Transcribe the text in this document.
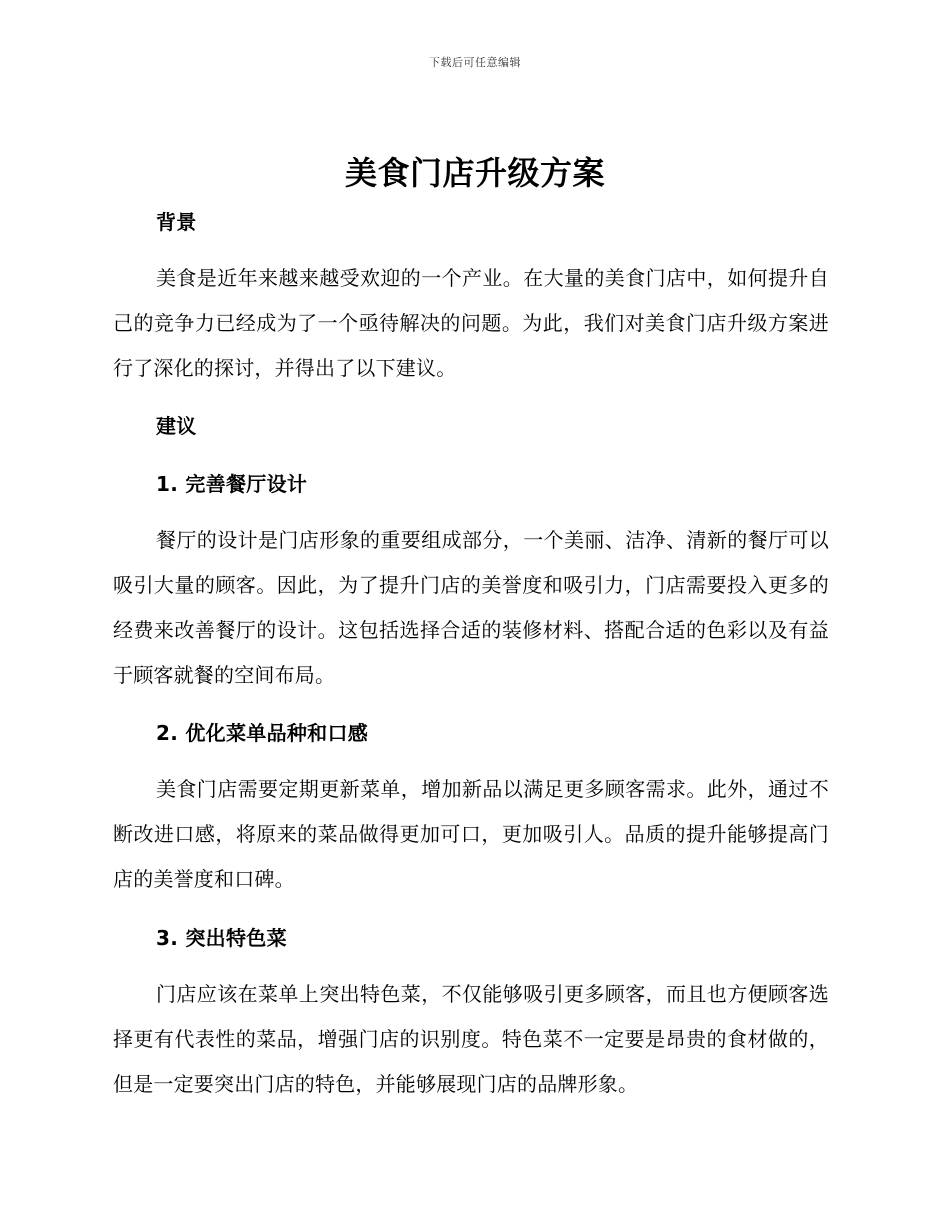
下载后可任意编辑
美食门店升级方案

背景

美食是近年来越来越受欢迎的一个产业。在大量的美食门店中，如何提升自己的竞争力已经成为了一个亟待解决的问题。为此，我们对美食门店升级方案进行了深化的探讨，并得出了以下建议。

建议

1. 完善餐厅设计

餐厅的设计是门店形象的重要组成部分，一个美丽、洁净、清新的餐厅可以吸引大量的顾客。因此，为了提升门店的美誉度和吸引力，门店需要投入更多的经费来改善餐厅的设计。这包括选择合适的装修材料、搭配合适的色彩以及有益于顾客就餐的空间布局。

2. 优化菜单品种和口感

美食门店需要定期更新菜单，增加新品以满足更多顾客需求。此外，通过不断改进口感，将原来的菜品做得更加可口，更加吸引人。品质的提升能够提高门店的美誉度和口碑。

3. 突出特色菜

门店应该在菜单上突出特色菜，不仅能够吸引更多顾客，而且也方便顾客选择更有代表性的菜品，增强门店的识别度。特色菜不一定要是昂贵的食材做的，但是一定要突出门店的特色，并能够展现门店的品牌形象。
